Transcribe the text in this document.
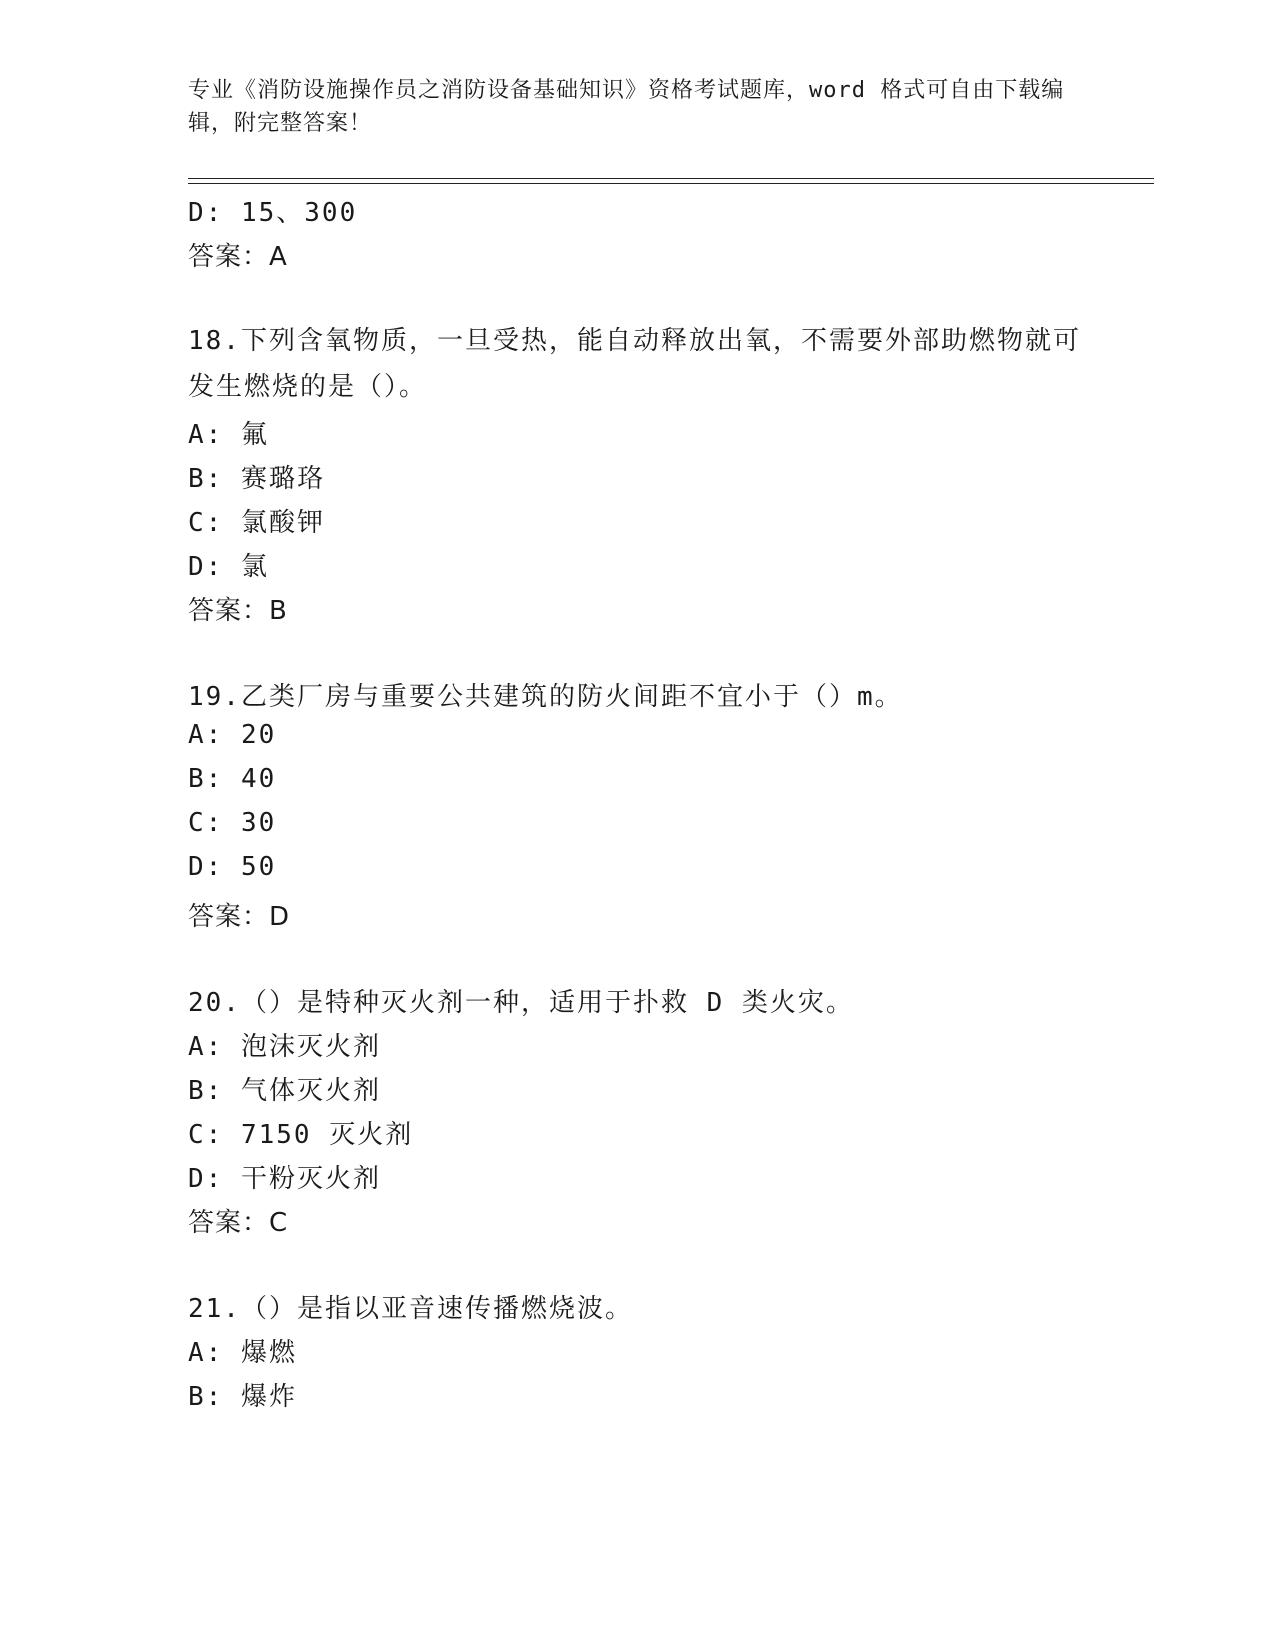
专业《消防设施操作员之消防设备基础知识》资格考试题库，word 格式可自由下载编辑，附完整答案！
D: 15、300
答案：A
18.下列含氧物质，一旦受热，能自动释放出氧，不需要外部助燃物就可发生燃烧的是（）。
A: 氟
B: 赛璐珞
C: 氯酸钾
D: 氯
答案：B
19.乙类厂房与重要公共建筑的防火间距不宜小于（）m。
A: 20
B: 40
C: 30
D: 50
答案：D
20.（）是特种灭火剂一种，适用于扑救 D 类火灾。
A: 泡沫灭火剂
B: 气体灭火剂
C: 7150 灭火剂
D: 干粉灭火剂
答案：C
21.（）是指以亚音速传播燃烧波。
A: 爆燃
B: 爆炸
